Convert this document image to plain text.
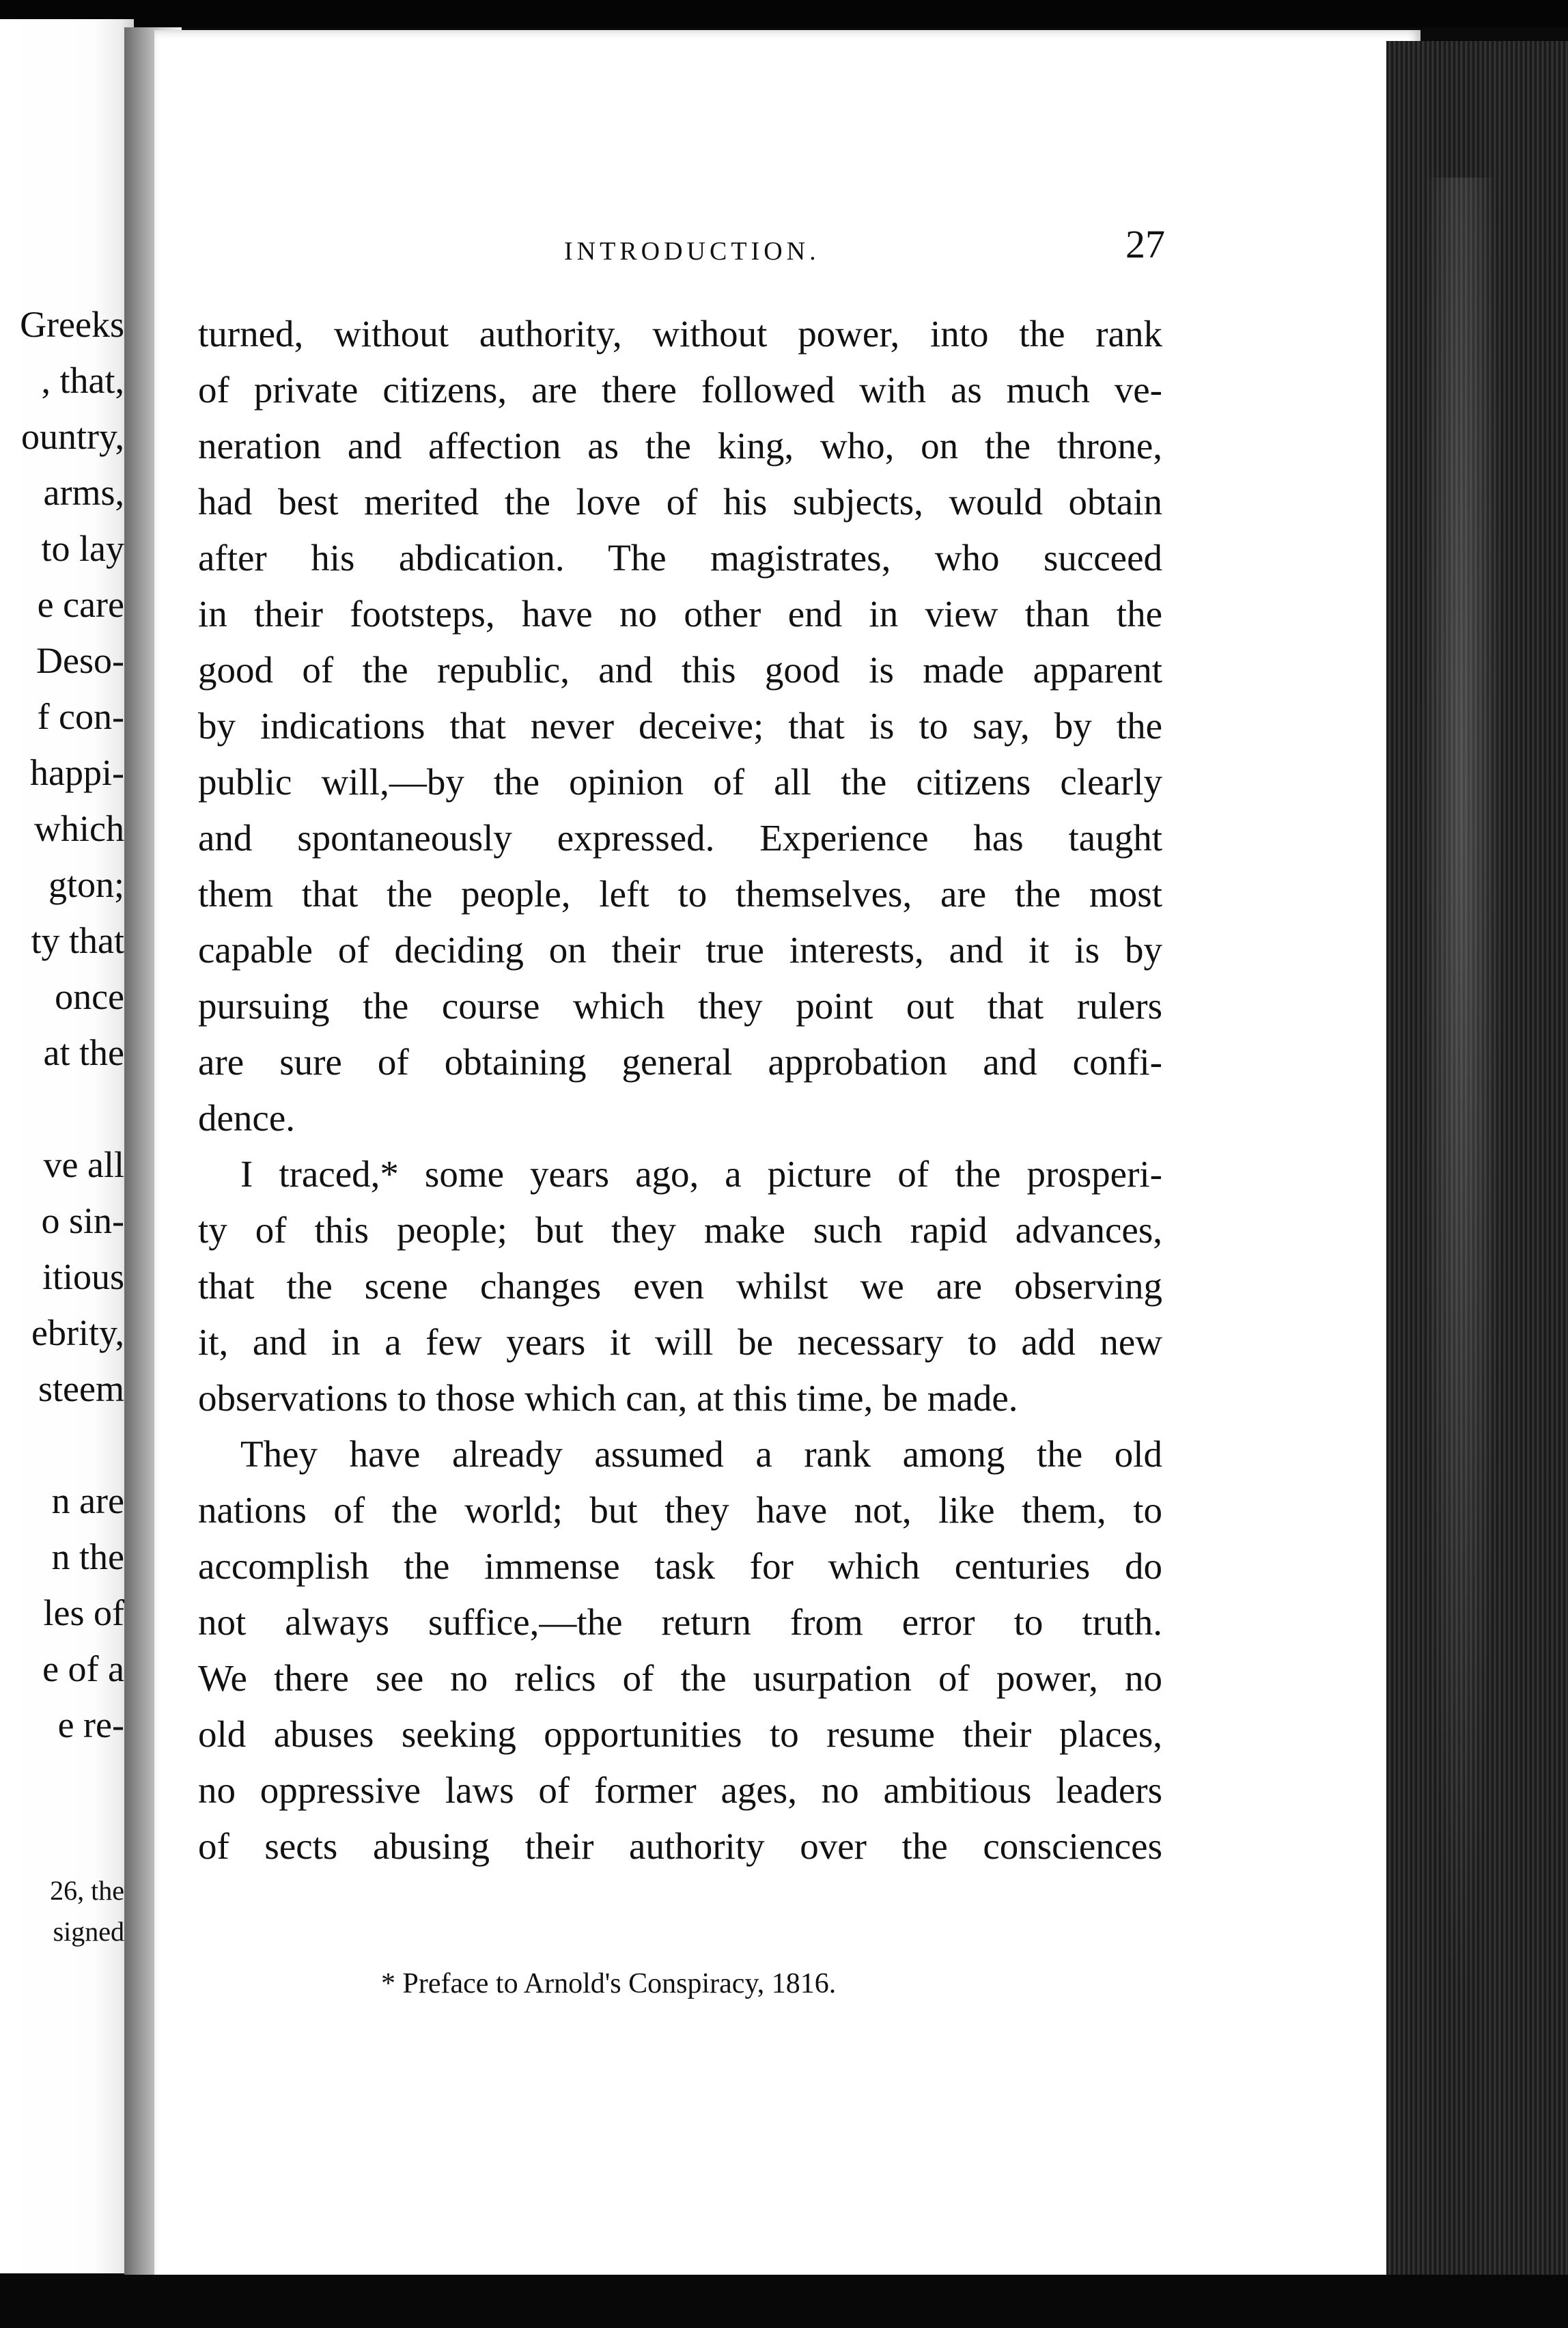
Greeks
, that,
ountry,
arms,
to lay
e care
Deso-
f con-
happi-
which
gton;
ty that
once
at the
ve all
o sin-
itious
ebrity,
steem
n are
n the
les of
e of a
e re-
26, the
signed
INTRODUCTION.	27
turned, without authority, without power, into the rank
of private citizens, are there followed with as much ve-
neration and affection as the king, who, on the throne,
had best merited the love of his subjects, would obtain
after his abdication. The magistrates, who succeed
in their footsteps, have no other end in view than the
good of the republic, and this good is made apparent
by indications that never deceive; that is to say, by the
public will,—by the opinion of all the citizens clearly
and spontaneously expressed. Experience has taught
them that the people, left to themselves, are the most
capable of deciding on their true interests, and it is by
pursuing the course which they point out that rulers
are sure of obtaining general approbation and confi-
dence.
I traced,* some years ago, a picture of the prosperi-
ty of this people; but they make such rapid advances,
that the scene changes even whilst we are observing
it, and in a few years it will be necessary to add new
observations to those which can, at this time, be made.
They have already assumed a rank among the old
nations of the world; but they have not, like them, to
accomplish the immense task for which centuries do
not always suffice,—the return from error to truth.
We there see no relics of the usurpation of power, no
old abuses seeking opportunities to resume their places,
no oppressive laws of former ages, no ambitious leaders
of sects abusing their authority over the consciences
* Preface to Arnold's Conspiracy, 1816.
